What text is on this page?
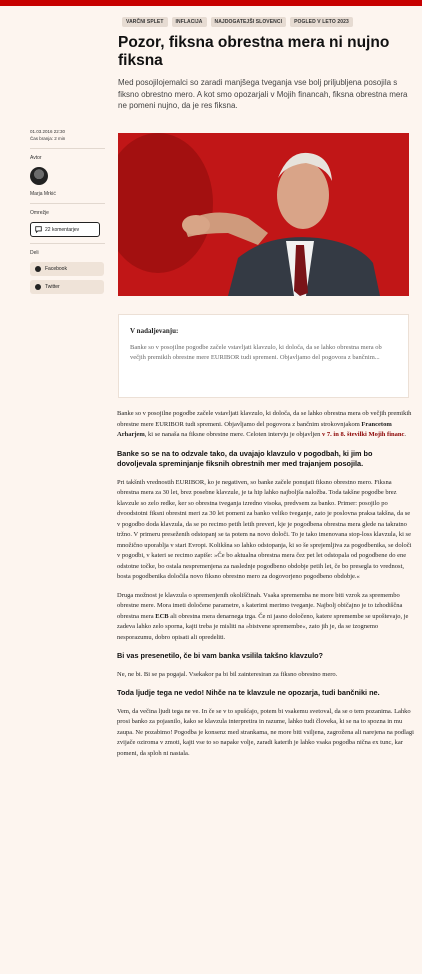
VARČNI SPLET	INFLACIJA	NAJDOGATEJŠI SLOVENCI	POGLED V LETO 2023
Pozor, fiksna obrestna mera ni nujno fiksna

Med posojilojemalci so zaradi manjšega tveganja vse bolj priljubljena posojila s fiksno obrestno mero. A kot smo opozarjali v Mojih financah, fiksna obrestna mera ne pomeni nujno, da je res fiksna.

01.03.2016 22:30
Čas branja: 2 min
Avtor
Marja Mrkić
Omrežje
22 komentarjev
Deli
Facebook
Twitter
V nadaljevanju:

Banke so v posojilne pogodbe začele vstavljati klavzulo, ki določa, da se lahko obrestna mera ob večjih premikih obrestne mere EURIBOR tudi spremeni. Objavljamo del pogovora z bančnim...

Banke so v posojilne pogodbe začele vstavljati klavzulo, ki določa, da se lahko obrestna mera ob večjih premikih obrestne mere EURIBOR tudi spremeni. Objavljamo del pogovora z bančnim strokovnjakom Francetom Arharjem, ki se nanaša na fiksne obrestne mere. Celoten intervju je objavljen v 7. in 8. številki Mojih financ.

Banke so se na to odzvale tako, da uvajajo klavzulo v pogodbah, ki jim bo dovoljevala spreminjanje fiksnih obrestnih mer med trajanjem posojila.

Pri takšnih vrednostih EURIBOR, ko je negativen, so banke začele ponujati fiksno obrestno mero. Fiksna obrestna mera za 30 let, brez posebne klavzule, je ta hip lahko najboljša naložba. Toda takšne pogodbe brez klavzule so zelo redke, ker so obrestna tveganja izredno visoka, predvsem za banko. Primer: posojilo po dvoodstotni fiksni obrestni meri za 30 let pomeni za banko veliko tveganje, zato je poslovna praksa takšna, da se v pogodbo doda klavzula, da se po recimo petih letih preveri, kje je pogodbena obrestna mera glede na takratno tržno. V primeru preseženih odstopanj se ta potem na novo določi. To je tako imenovana stop-loss klavzula, ki se množično uporablja v stari Evropi. Kolikšna so lahko odstopanja, ki so še sprejemljiva za pogodbenika, se določi v pogodbi, v kateri se recimo zapiše: »Če bo aktualna obrestna mera čez pet let odstopala od pogodbene do ene odstotne točke, bo ostala nespremenjena za naslednje pogodbeno obdobje petih let, če bo presegla to vrednost, bosta pogodbenika določila novo fiksno obrestno mero za dogovorjeno pogodbeno obdobje.«

Druga možnost je klavzula o spremenjenih okoliščinah. Vsaka sprememba ne more biti vzrok za spremembo obrestne mere. Mora imeti določene parametre, s katerimi merimo tveganje. Najbolj običajno je to izhodiščna obrestna mera ECB ali obrestna mera denarnega trga. Če ni jasno določeno, katere spremembe se upoštevajo, je zadeva lahko zelo sporna, kajti treba je misliti na »bistvene spremembe«, zato jih je, da se izognemo nesporazumu, dobro opisati ali opredeliti.

Bi vas presenetilo, če bi vam banka vsilila takšno klavzulo?

Ne, ne bi. Bi se pa pogajal. Vsekakor pa bi bil zainteresiran za fiksno obrestno mero.

Toda ljudje tega ne vedo! Nihče na te klavzule ne opozarja, tudi bančniki ne.

Vem, da večina ljudi tega ne ve. In če se v to spušćajo, potem bi vsakemu svetoval, da se o tem pozanima. Lahko prosi banko za pojasnilo, kako se klavzula interpretira in razume, lahko tudi človeka, ki se na to spozna in mu zaupa. Ne pozabimo! Pogodba je konsenz med strankama, ne more biti vsiljena, zagrožena ali narejena na podlagi zvijače oziroma v zmoti, kajti vse to so napake volje, zaradi katerih je lahko vsaka pogodba nična ex tunc, kar pomeni, da sploh ni nastala.
